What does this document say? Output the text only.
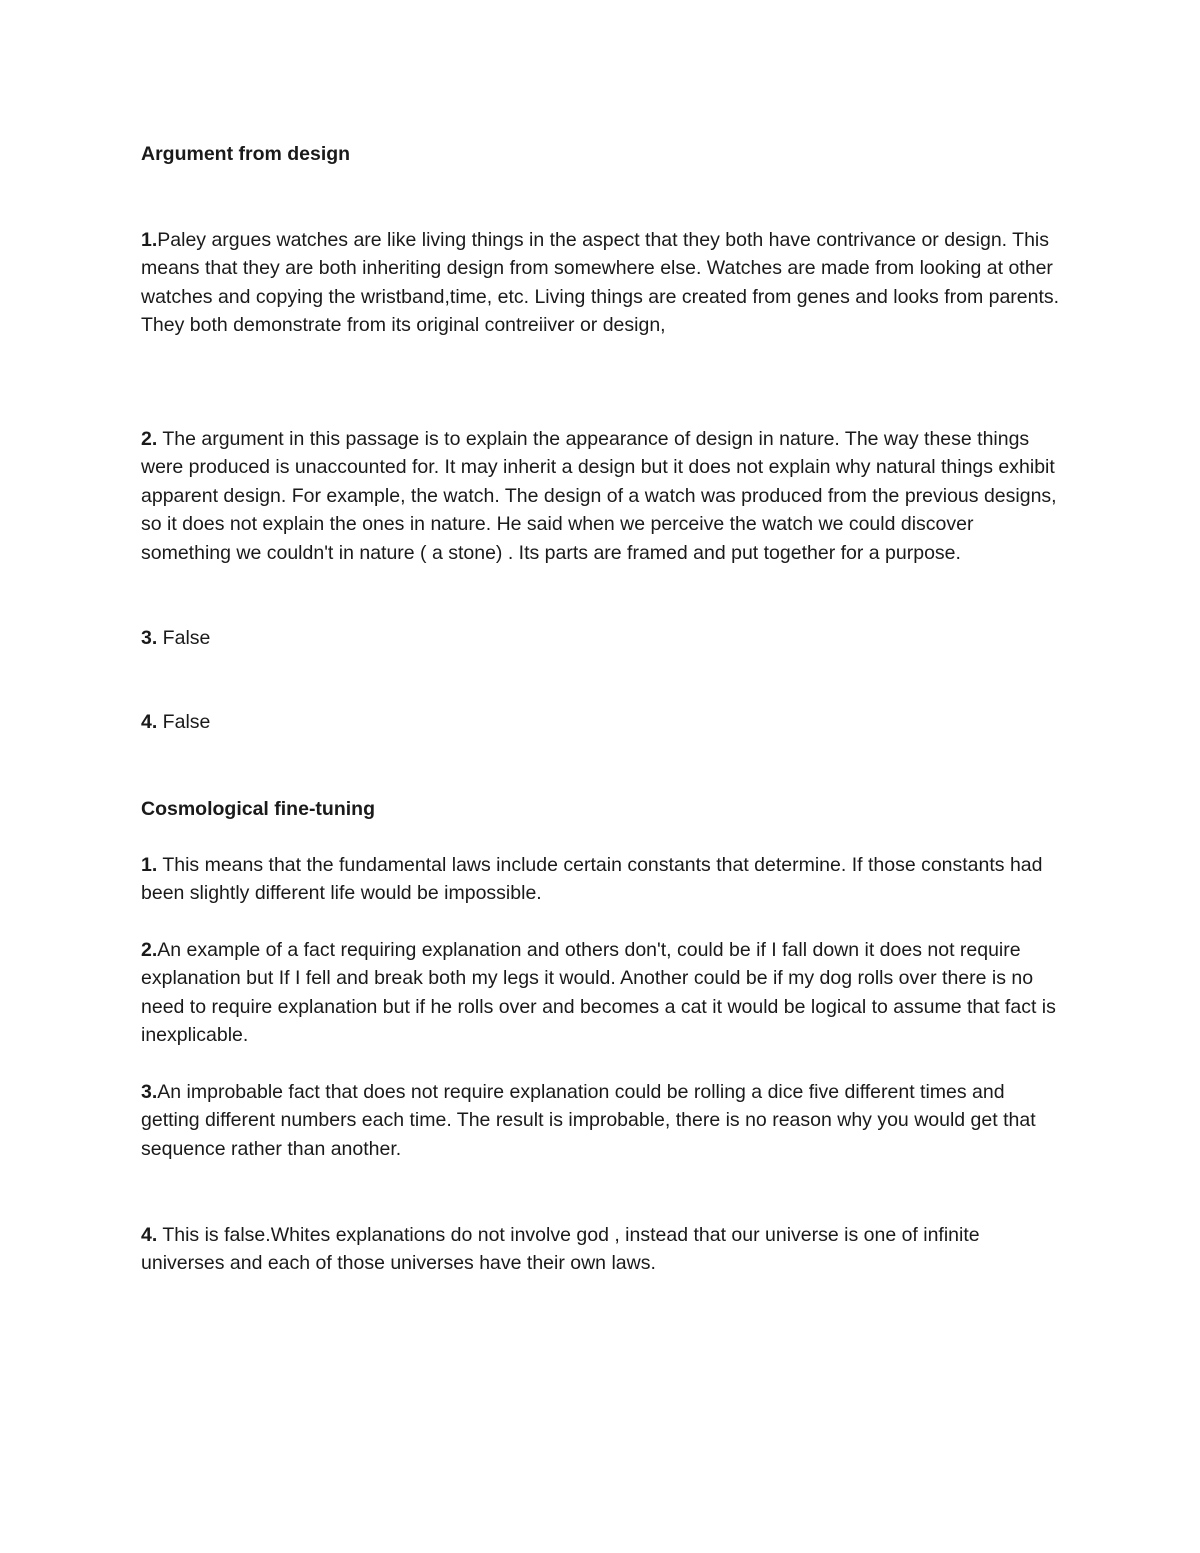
Argument from design
1.Paley argues watches are like living things in the aspect that they both have contrivance or design. This means that they are both inheriting design from somewhere else. Watches are made from looking at other watches and copying the wristband,time, etc. Living things are created from genes and looks from parents. They both demonstrate from its original contreiiver or design,
2. The argument in this passage is to explain the appearance of design in nature. The way these things were produced is unaccounted for. It may inherit a design but it does not explain why natural things exhibit apparent design. For example, the watch. The design of a watch was produced from the previous designs, so it does not explain the ones in nature. He said when we perceive the watch we could discover something we couldn't in nature ( a stone) . Its parts are framed and put together for a purpose.
3. False
4. False
Cosmological fine-tuning
1. This means that the fundamental laws include certain constants that determine. If those constants had been slightly different life would be impossible.
2.An example of a fact requiring explanation and others don't, could be if I fall down it does not require explanation but If I fell and break both my legs it would. Another could be if my dog rolls over there is no need to require explanation but if he rolls over and becomes a cat it would be logical to assume that fact is inexplicable.
3.An improbable fact that does not require explanation could be rolling a dice five different times and getting different numbers each time. The result is improbable, there is no reason why you would get that sequence rather than another.
4. This is false.Whites explanations do not involve god , instead that our universe is one of infinite universes and each of those universes have their own laws.
